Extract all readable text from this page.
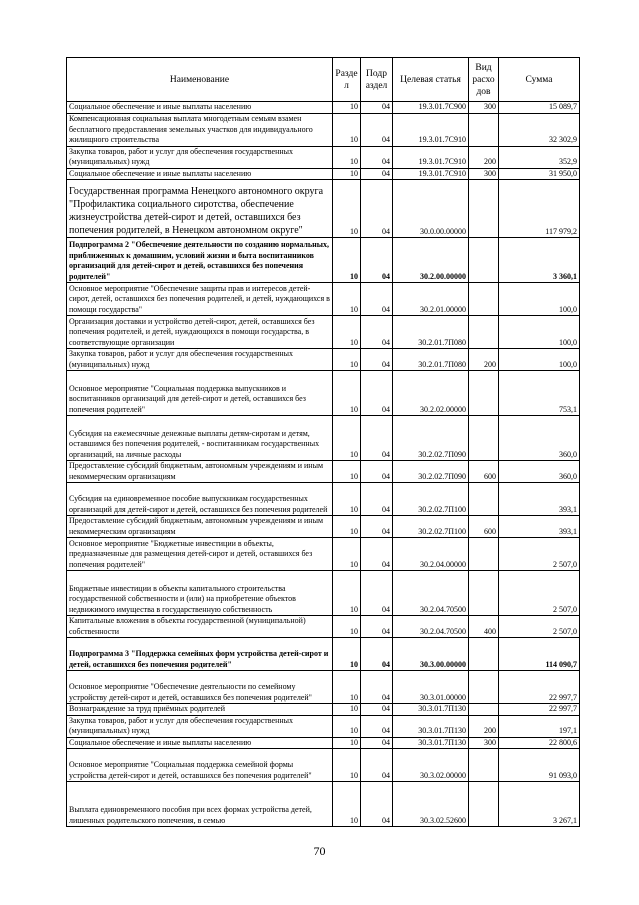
Наименование	Разде л	Подр аздел	Целевая статья	Вид расхо дов	Сумма
Социальное обеспечение и иные выплаты населению	10	04	19.3.01.7С900	300	15 089,7
Компенсационная социальная выплата многодетным семьям взамен бесплатного предоставления земельных участков для индивидуального жилищного строительства	10	04	19.3.01.7С910		32 302,9
Закупка товаров, работ и услуг для обеспечения государственных (муниципальных) нужд	10	04	19.3.01.7С910	200	352,9
Социальное обеспечение и иные выплаты населению	10	04	19.3.01.7С910	300	31 950,0
Государственная программа Ненецкого автономного округа "Профилактика социального сиротства, обеспечение жизнеустройства детей-сирот и детей, оставшихся без попечения родителей, в Ненецком автономном округе"	10	04	30.0.00.00000		117 979,2
Подпрограмма 2 "Обеспечение деятельности по созданию нормальных, приближенных к домашним, условий жизни и быта воспитанников организаций для детей-сирот и детей, оставшихся без попечения родителей"	10	04	30.2.00.00000		3 360,1
Основное мероприятие "Обеспечение защиты прав и интересов детей-сирот, детей, оставшихся без попечения родителей, и детей, нуждающихся в помощи государства"	10	04	30.2.01.00000		100,0
Организация доставки и устройство детей-сирот, детей, оставшихся без попечения родителей, и детей, нуждающихся в помощи государства, в соответствующие организации	10	04	30.2.01.7П080		100,0
Закупка товаров, работ и услуг для обеспечения государственных (муниципальных) нужд	10	04	30.2.01.7П080	200	100,0
Основное мероприятие "Социальная поддержка выпускников и воспитанников организаций для детей-сирот и детей, оставшихся без попечения родителей"	10	04	30.2.02.00000		753,1
Субсидия на ежемесячные денежные выплаты детям-сиротам и детям, оставшимся без попечения родителей, - воспитанникам государственных организаций, на личные расходы	10	04	30.2.02.7П090		360,0
Предоставление субсидий бюджетным, автономным учреждениям и иным некоммерческим организациям	10	04	30.2.02.7П090	600	360,0
Субсидия на единовременное пособие выпускникам государственных организаций для детей-сирот и детей, оставшихся без попечения родителей	10	04	30.2.02.7П100		393,1
Предоставление субсидий бюджетным, автономным учреждениям и иным некоммерческим организациям	10	04	30.2.02.7П100	600	393,1
Основное мероприятие "Бюджетные инвестиции в объекты, предназначенные для размещения детей-сирот и детей, оставшихся без попечения родителей"	10	04	30.2.04.00000		2 507,0
Бюджетные инвестиции в объекты капитального строительства государственной собственности и (или) на приобретение объектов недвижимого имущества в государственную собственность	10	04	30.2.04.70500		2 507,0
Капитальные вложения в объекты государственной (муниципальной) собственности	10	04	30.2.04.70500	400	2 507,0
Подпрограмма 3 "Поддержка семейных форм устройства детей-сирот и детей, оставшихся без попечения родителей"	10	04	30.3.00.00000		114 090,7
Основное мероприятие "Обеспечение деятельности по семейному устройству детей-сирот и детей, оставшихся без попечения родителей"	10	04	30.3.01.00000		22 997,7
Вознаграждение за труд приёмных родителей	10	04	30.3.01.7П130		22 997,7
Закупка товаров, работ и услуг для обеспечения государственных (муниципальных) нужд	10	04	30.3.01.7П130	200	197,1
Социальное обеспечение и иные выплаты населению	10	04	30.3.01.7П130	300	22 800,6
Основное мероприятие "Социальная поддержка семейной формы устройства детей-сирот и детей, оставшихся без попечения родителей"	10	04	30.3.02.00000		91 093,0
Выплата единовременного пособия при всех формах устройства детей, лишенных родительского попечения, в семью	10	04	30.3.02.52600		3 267,1
70
